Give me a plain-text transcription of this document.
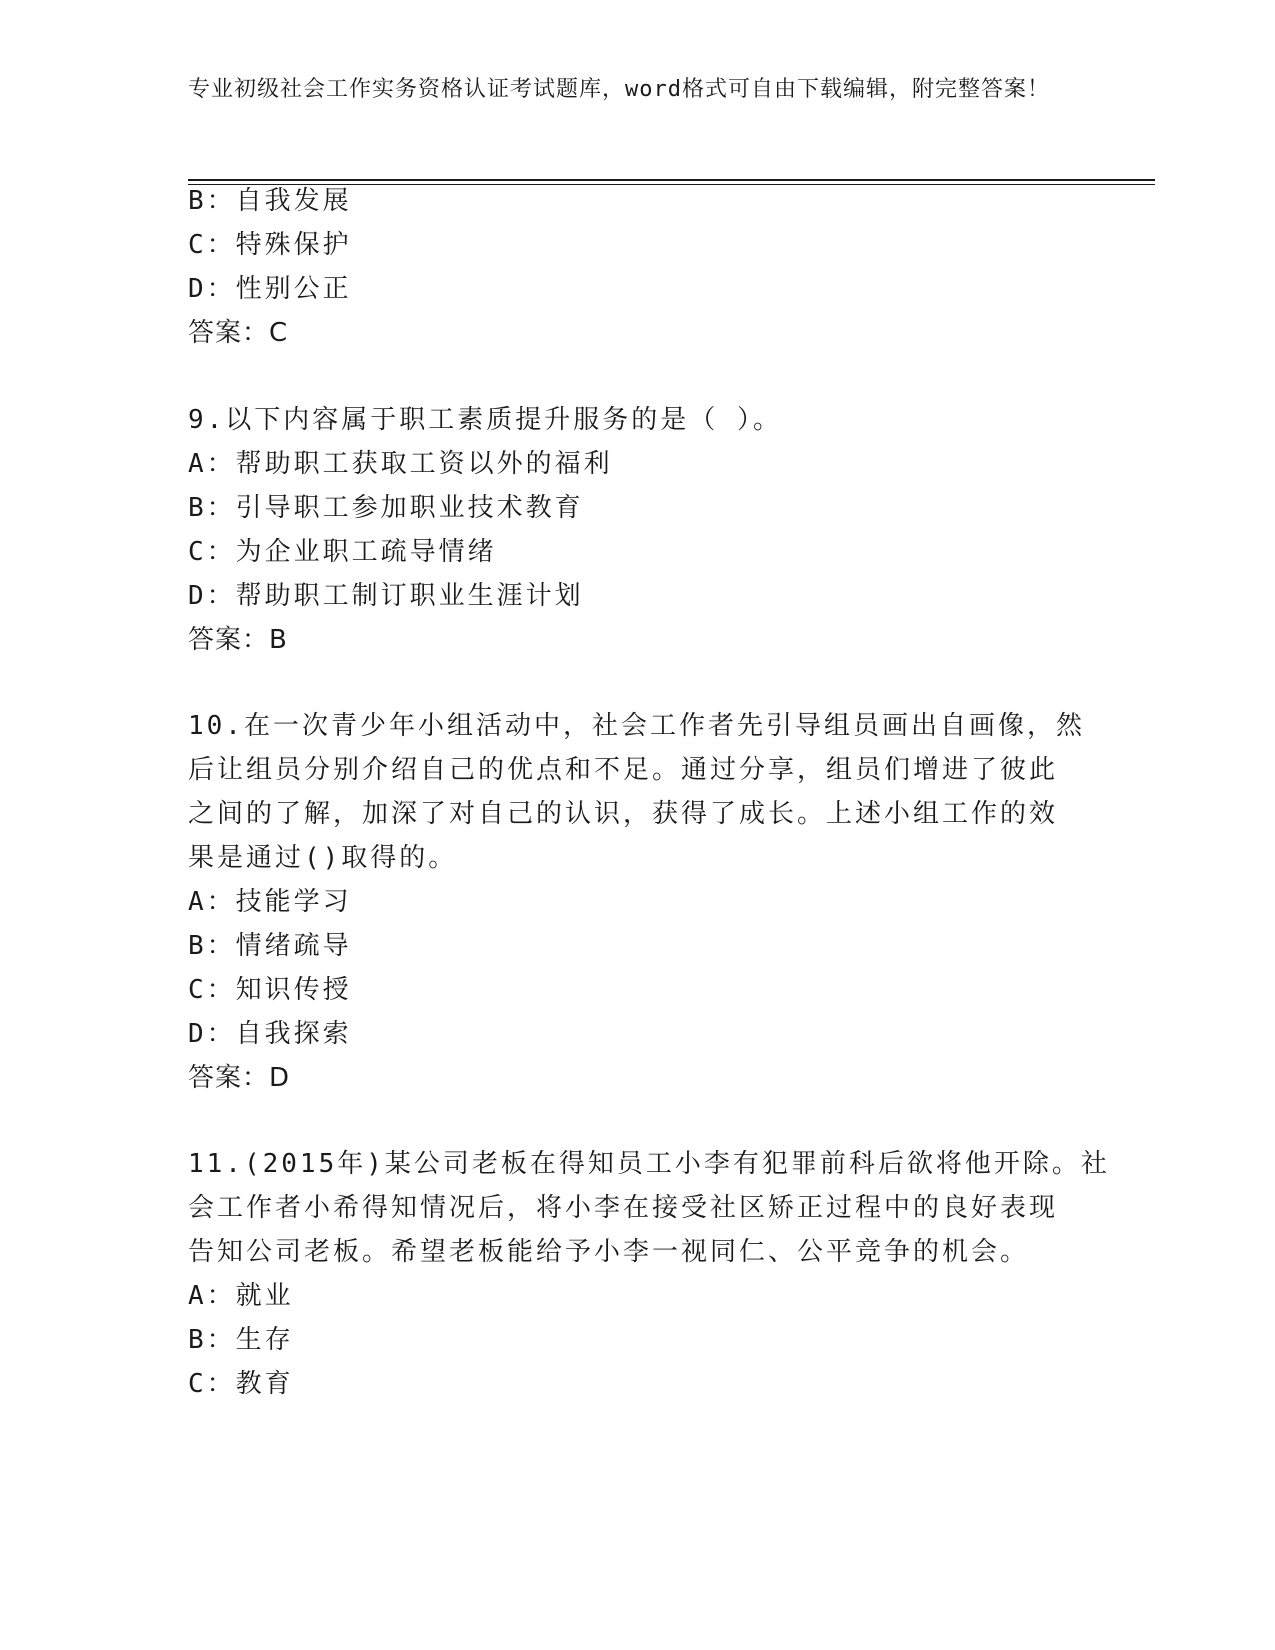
专业初级社会工作实务资格认证考试题库，word格式可自由下载编辑，附完整答案！
B：自我发展
C：特殊保护
D：性别公正
答案：C
9.以下内容属于职工素质提升服务的是（ ）。
A：帮助职工获取工资以外的福利
B：引导职工参加职业技术教育
C：为企业职工疏导情绪
D：帮助职工制订职业生涯计划
答案：B
10.在一次青少年小组活动中，社会工作者先引导组员画出自画像，然
后让组员分别介绍自己的优点和不足。通过分享，组员们增进了彼此
之间的了解，加深了对自己的认识，获得了成长。上述小组工作的效
果是通过()取得的。
A：技能学习
B：情绪疏导
C：知识传授
D：自我探索
答案：D
11.(2015年)某公司老板在得知员工小李有犯罪前科后欲将他开除。社
会工作者小希得知情况后，将小李在接受社区矫正过程中的良好表现
告知公司老板。希望老板能给予小李一视同仁、公平竞争的机会。
A：就业
B：生存
C：教育
